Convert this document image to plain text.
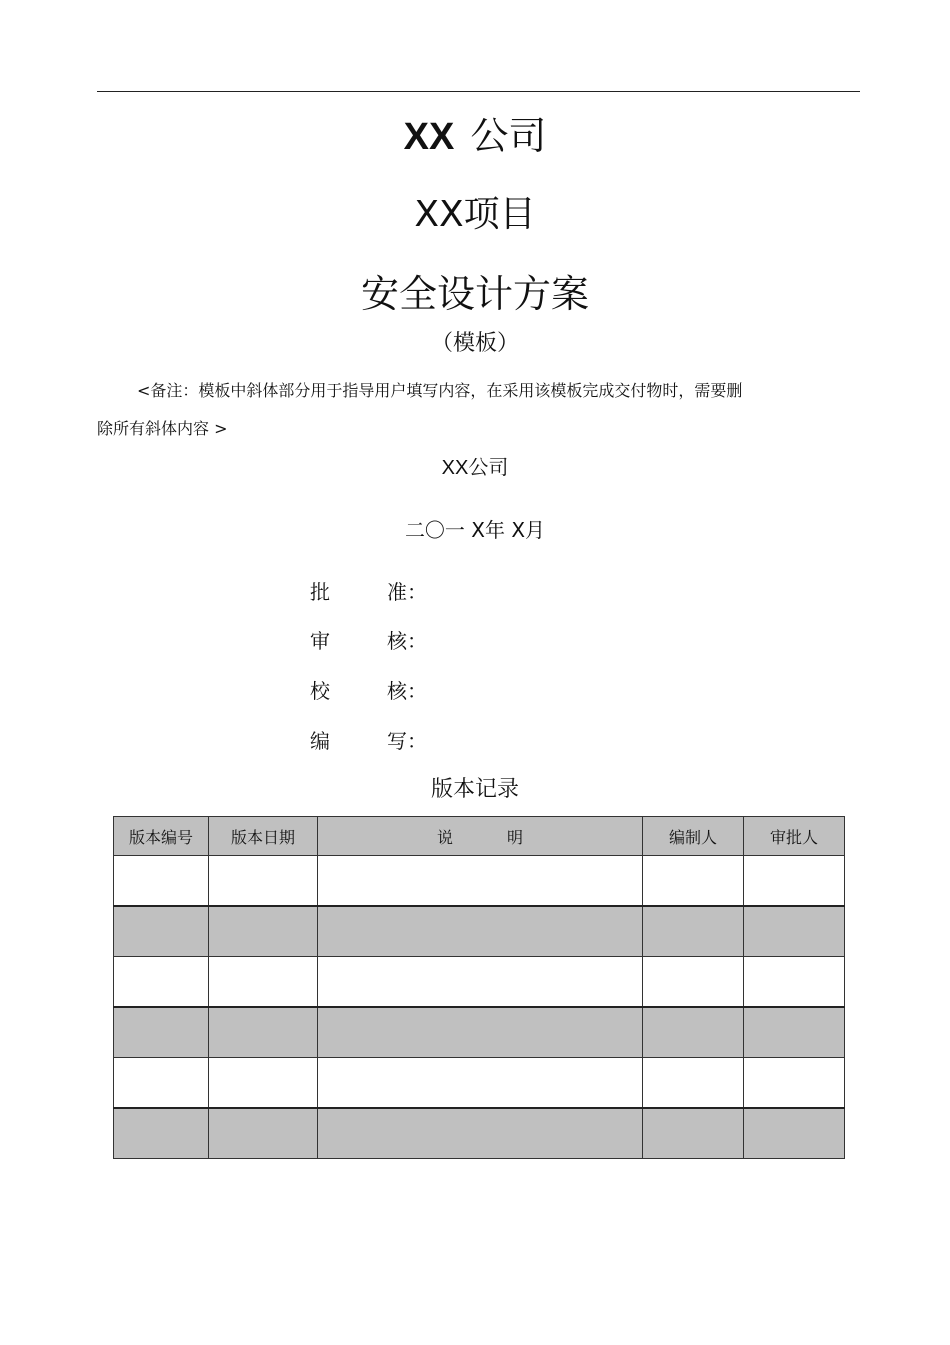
XX 公司
XX项目
安全设计方案
（模板）
<备注：模板中斜体部分用于指导用户填写内容，在采用该模板完成交付物时，需要删
除所有斜体内容 >
XX公司
二〇一 X年 X月
批	准：
审	核：
校	核：
编	写：
版本记录
版本编号	版本日期	说 明	编制人	审批人
